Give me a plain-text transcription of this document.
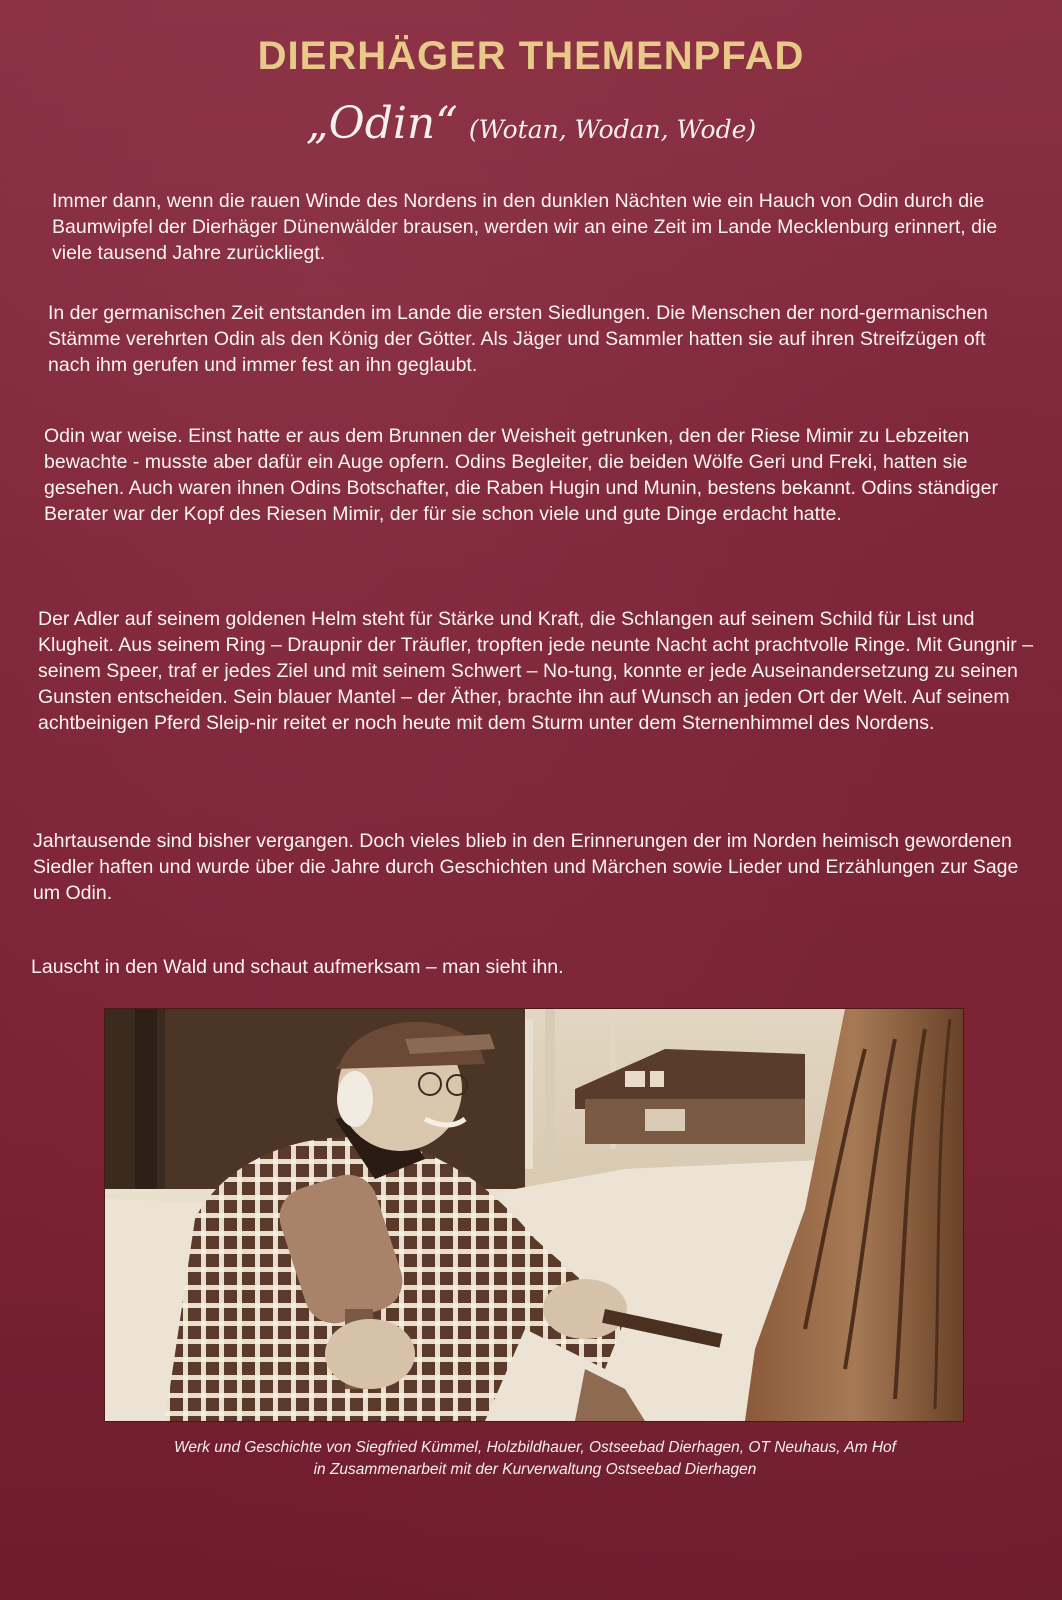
DIERHÄGER THEMENPFAD
„Odin“ (Wotan, Wodan, Wode)

Immer dann, wenn die rauen Winde des Nordens in den dunklen Nächten wie ein Hauch von Odin durch die Baumwipfel der Dierhäger Dünenwälder brausen, werden wir an eine Zeit im Lande Mecklenburg erinnert, die viele tausend Jahre zurückliegt.

In der germanischen Zeit entstanden im Lande die ersten Siedlungen. Die Menschen der nord-germanischen Stämme verehrten Odin als den König der Götter. Als Jäger und Sammler hatten sie auf ihren Streifzügen oft nach ihm gerufen und immer fest an ihn geglaubt.

Odin war weise. Einst hatte er aus dem Brunnen der Weisheit getrunken, den der Riese Mimir zu Lebzeiten bewachte - musste aber dafür ein Auge opfern. Odins Begleiter, die beiden Wölfe Geri und Freki, hatten sie gesehen. Auch waren ihnen Odins Botschafter, die Raben Hugin und Munin, bestens bekannt. Odins ständiger Berater war der Kopf des Riesen Mimir, der für sie schon viele und gute Dinge erdacht hatte.

Der Adler auf seinem goldenen Helm steht für Stärke und Kraft, die Schlangen auf seinem Schild für List und Klugheit. Aus seinem Ring – Draupnir der Träufler, tropften jede neunte Nacht acht prachtvolle Ringe. Mit Gungnir – seinem Speer, traf er jedes Ziel und mit seinem Schwert – No-tung, konnte er jede Auseinandersetzung zu seinen Gunsten entscheiden. Sein blauer Mantel – der Äther, brachte ihn auf Wunsch an jeden Ort der Welt. Auf seinem achtbeinigen Pferd Sleip-nir reitet er noch heute mit dem Sturm unter dem Sternenhimmel des Nordens.

Jahrtausende sind bisher vergangen. Doch vieles blieb in den Erinnerungen der im Norden heimisch gewordenen Siedler haften und wurde über die Jahre durch Geschichten und Märchen sowie Lieder und Erzählungen zur Sage um Odin.

Lauscht in den Wald und schaut aufmerksam – man sieht ihn.

Werk und Geschichte von Siegfried Kümmel, Holzbildhauer, Ostseebad Dierhagen, OT Neuhaus, Am Hof
in Zusammenarbeit mit der Kurverwaltung Ostseebad Dierhagen
